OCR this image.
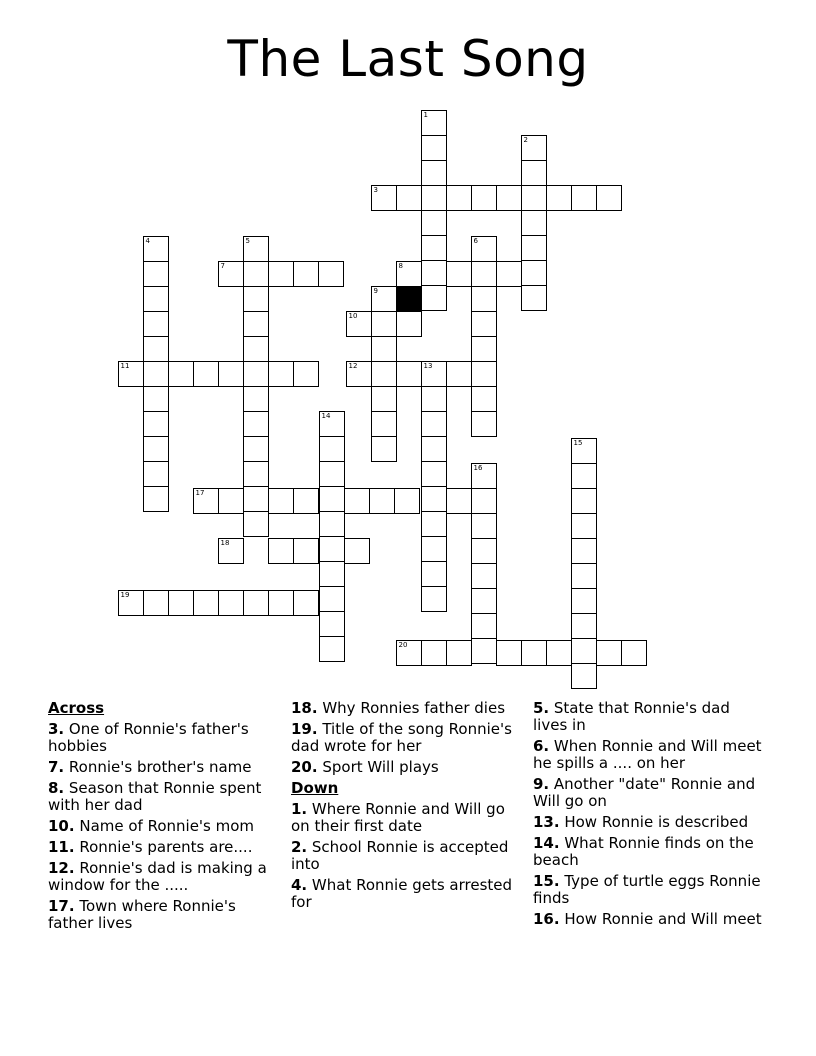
The Last Song
1
2
3
4	5
7
6
8
9
10
11	12	13
14
15
16
17
18
19
20
Across
3. One of Ronnie's father's hobbies
7. Ronnie's brother's name
8. Season that Ronnie spent with her dad
10. Name of Ronnie's mom
11. Ronnie's parents are....
12. Ronnie's dad is making a window for the .....
17. Town where Ronnie's father lives
18. Why Ronnies father dies
19. Title of the song Ronnie's dad wrote for her
20. Sport Will plays
Down
1. Where Ronnie and Will go on their first date
2. School Ronnie is accepted into
4. What Ronnie gets arrested for
5. State that Ronnie's dad lives in
6. When Ronnie and Will meet he spills a .... on her
9. Another "date" Ronnie and Will go on
13. How Ronnie is described
14. What Ronnie finds on the beach
15. Type of turtle eggs Ronnie finds
16. How Ronnie and Will meet
